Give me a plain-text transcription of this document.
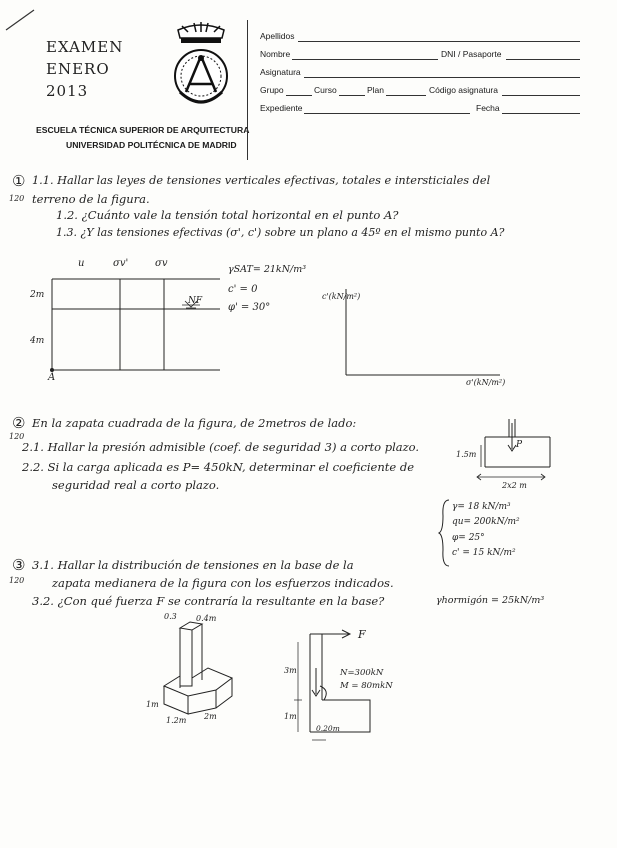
EXAMEN
ENERO
2013
ESCUELA TÉCNICA SUPERIOR DE ARQUITECTURA
UNIVERSIDAD POLITÉCNICA DE MADRID
Apellidos
Nombre	DNI / Pasaporte
Asignatura
Grupo	Curso	Plan	Código asignatura
Expediente	Fecha
①
120
1.1. Hallar las leyes de tensiones verticales efectivas, totales e intersticiales del
terreno de la figura.
1.2. ¿Cuánto vale la tensión total horizontal en el punto A?
1.3. ¿Y las tensiones efectivas (σ', c') sobre un plano a 45º en el mismo punto A?
u	σv'	σv
2m
4m
NF
A
γSAT= 21kN/m³
c' = 0
φ' = 30°
c'(kN/m²)
σ'(kN/m²)
②
120
En la zapata cuadrada de la figura, de 2metros de lado:
2.1. Hallar la presión admisible (coef. de seguridad 3) a corto plazo.
2.2. Si la carga aplicada es P= 450kN, determinar el coeficiente de
seguridad real a corto plazo.
1.5m
P
2x2 m
γ= 18 kN/m³
qu= 200kN/m²
φ= 25°
c' = 15 kN/m²
③
120
3.1. Hallar la distribución de tensiones en la base de la
zapata medianera de la figura con los esfuerzos indicados.
3.2. ¿Con qué fuerza F se contraría la resultante en la base?	γhormigón = 25kN/m³
0.3 0.4m
1m
1.2m 2m
F
3m
1m
N=300kN
M = 80mkN
0.20m
